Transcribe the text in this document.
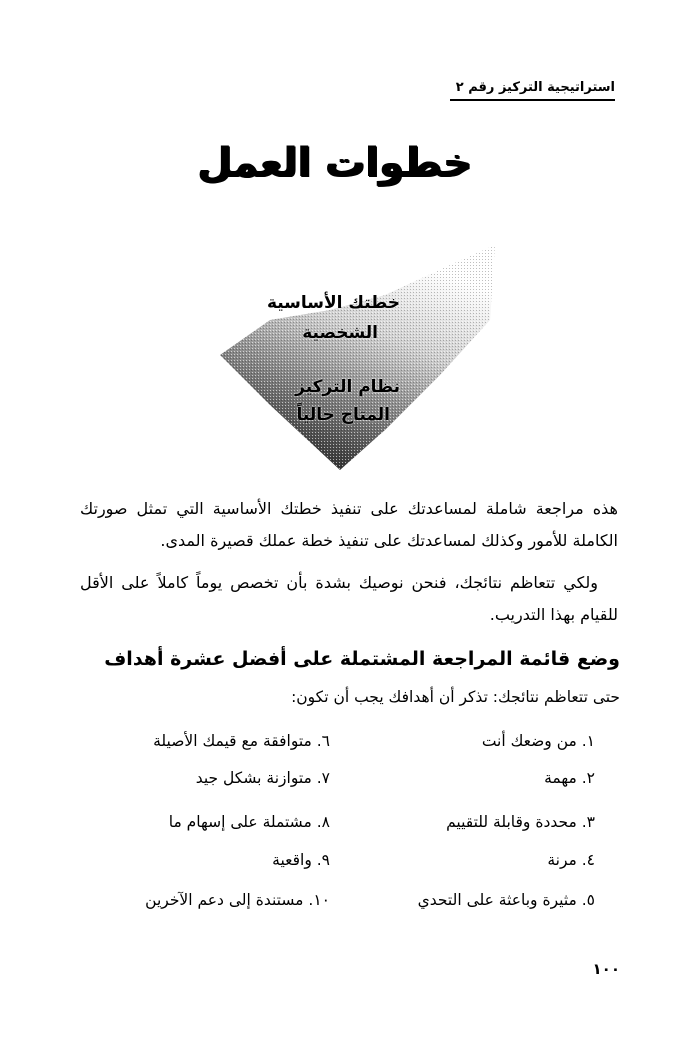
استراتيجية التركيز رقم ٢
خطوات العمل
خطتك الأساسية
الشخصية
نظام التركيز
المتاح حالياً
هذه مراجعة شاملة لمساعدتك على تنفيذ خطتك الأساسية التي تمثل صورتك الكاملة للأمور وكذلك لمساعدتك على تنفيذ خطة عملك قصيرة المدى.
ولكي تتعاظم نتائجك، فنحن نوصيك بشدة بأن تخصص يوماً كاملاً على الأقل للقيام بهذا التدريب.
وضع قائمة المراجعة المشتملة على أفضل عشرة أهداف
حتى تتعاظم نتائجك: تذكر أن أهدافك يجب أن تكون:
١. من وضعك أنت
٢. مهمة
٣. محددة وقابلة للتقييم
٤. مرنة
٥. مثيرة وباعثة على التحدي
٦. متوافقة مع قيمك الأصيلة
٧. متوازنة بشكل جيد
٨. مشتملة على إسهام ما
٩. واقعية
١٠. مستندة إلى دعم الآخرين
١٠٠
